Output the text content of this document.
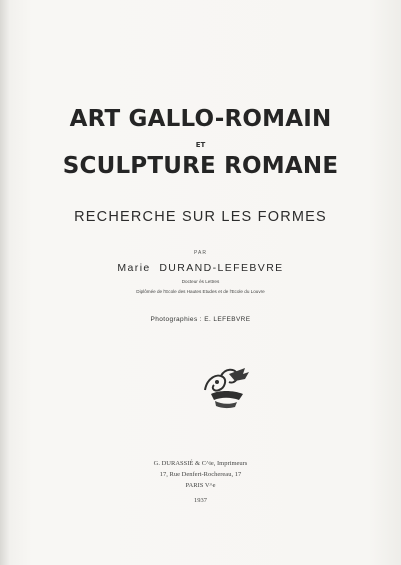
ART GALLO-ROMAIN
ET
SCULPTURE ROMANE
RECHERCHE SUR LES FORMES
PAR
Marie DURAND-LEFEBVRE
Docteur ès Lettres
Diplômée de l'Ecole des Hautes Etudes et de l'Ecole du Louvre
Photographies : E. LEFEBVRE
G. DURASSIÉ & C^ie, Imprimeurs
17, Rue Denfert-Rochereau, 17
PARIS V^e
1937
